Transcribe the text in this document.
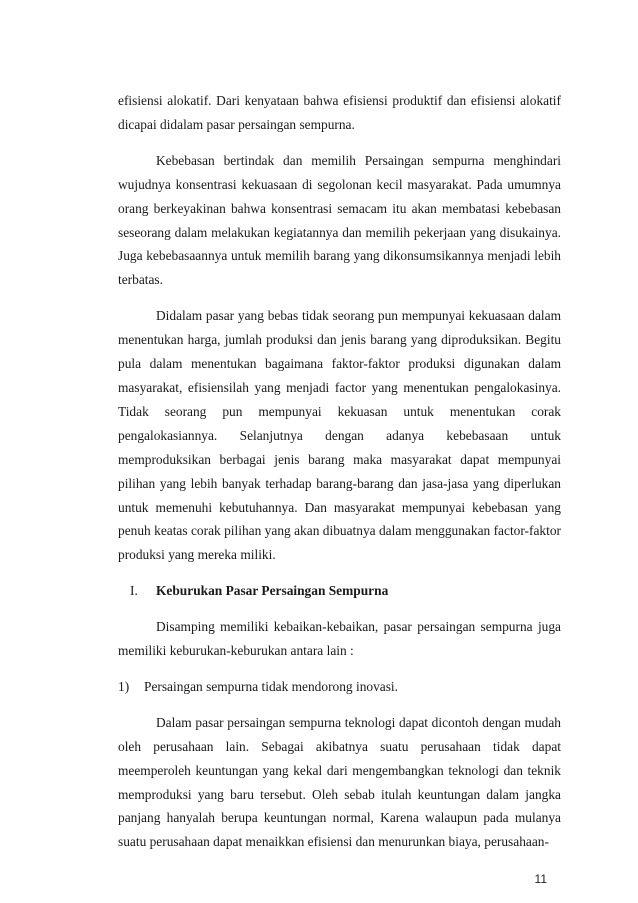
efisiensi alokatif. Dari kenyataan bahwa efisiensi produktif dan efisiensi alokatif dicapai didalam pasar persaingan sempurna.

Kebebasan bertindak dan memilih Persaingan sempurna menghindari wujudnya konsentrasi kekuasaan di segolonan kecil masyarakat. Pada umumnya orang berkeyakinan bahwa konsentrasi semacam itu akan membatasi kebebasan seseorang dalam melakukan kegiatannya dan memilih pekerjaan yang disukainya. Juga kebebasaannya untuk memilih barang yang dikonsumsikannya menjadi lebih terbatas.

Didalam pasar yang bebas tidak seorang pun mempunyai kekuasaan dalam menentukan harga, jumlah produksi dan jenis barang yang diproduksikan. Begitu pula dalam menentukan bagaimana faktor-faktor produksi digunakan dalam masyarakat, efisiensilah yang menjadi factor yang menentukan pengalokasinya. Tidak seorang pun mempunyai kekuasan untuk menentukan corak pengalokasiannya. Selanjutnya dengan adanya kebebasaan untuk memproduksikan berbagai jenis barang maka masyarakat dapat mempunyai pilihan yang lebih banyak terhadap barang-barang dan jasa-jasa yang diperlukan untuk memenuhi kebutuhannya. Dan masyarakat mempunyai kebebasan yang penuh keatas corak pilihan yang akan dibuatnya dalam menggunakan factor-faktor produksi yang mereka miliki.

I. Keburukan Pasar Persaingan Sempurna

Disamping memiliki kebaikan-kebaikan, pasar persaingan sempurna juga memiliki keburukan-keburukan antara lain :

1) Persaingan sempurna tidak mendorong inovasi.

Dalam pasar persaingan sempurna teknologi dapat dicontoh dengan mudah oleh perusahaan lain. Sebagai akibatnya suatu perusahaan tidak dapat meemperoleh keuntungan yang kekal dari mengembangkan teknologi dan teknik memproduksi yang baru tersebut. Oleh sebab itulah keuntungan dalam jangka panjang hanyalah berupa keuntungan normal, Karena walaupun pada mulanya suatu perusahaan dapat menaikkan efisiensi dan menurunkan biaya, perusahaan-

11
